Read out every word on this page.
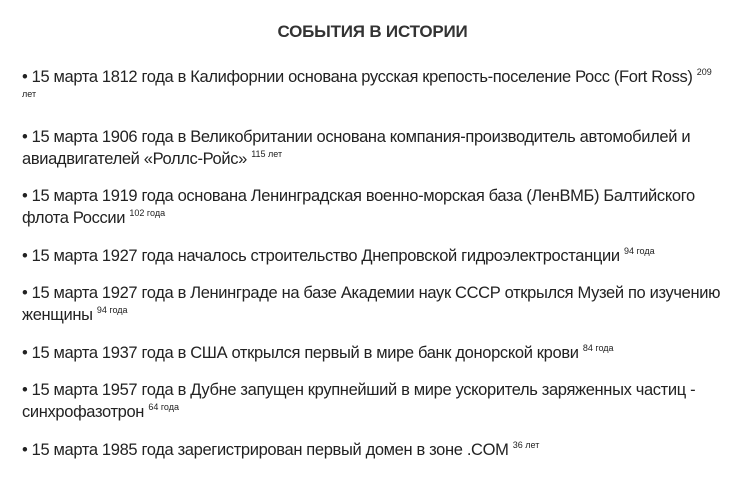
СОБЫТИЯ В ИСТОРИИ
• 15 марта 1812 года в Калифорнии основана русская крепость-поселение Росс (Fort Ross) $^{209 лет}$
• 15 марта 1906 года в Великобритании основана компания-производитель автомобилей и авиадвигателей «Роллс-Ройс» $^{115 лет}$
• 15 марта 1919 года основана Ленинградская военно-морская база (ЛенВМБ) Балтийского флота России $^{102 года}$
• 15 марта 1927 года началось строительство Днепровской гидроэлектростанции $^{94 года}$
• 15 марта 1927 года в Ленинграде на базе Академии наук СССР открылся Музей по изучению женщины $^{94 года}$
• 15 марта 1937 года в США открылся первый в мире банк донорской крови $^{84 года}$
• 15 марта 1957 года в Дубне запущен крупнейший в мире ускоритель заряженных частиц - синхрофазотрон $^{64 года}$
• 15 марта 1985 года зарегистрирован первый домен в зоне .COM $^{36 лет}$
